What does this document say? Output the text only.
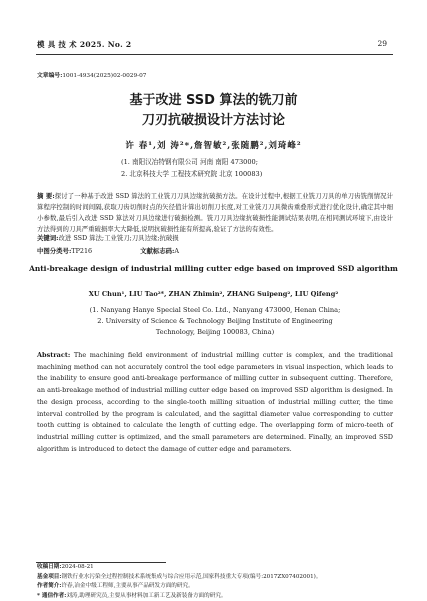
模 具 技 术 2025. No. 2	29
文章编号:1001-4934(2025)02-0029-07
基于改进 SSD 算法的铣刀前
刀刃抗破损设计方法讨论
许 春¹,刘 涛²*,詹智敏²,张随鹏²,刘琦峰²
(1. 南阳汉冶特钢有限公司 河南 南阳 473000;
2. 北京科技大学 工程技术研究院 北京 100083)
摘 要:探讨了一种基于改进 SSD 算法的工业铣刀刀具边缘抗破损方法。在设计过程中,根据工业铣刀刀具的单刀齿铣削情况计算程序控制的时间间隔,获取刀齿切削时点的矢径值计算出切削刀长度,对工业铣刀刀具微齿重叠形式进行优化设计,确定其中细小参数,最后引入改进 SSD 算法对刀具边缘进行破损检测。铣刀刀具边缘抗破损性能测试结果表明,在相同测试环境下,由设计方法得到的刀具严重破损率大大降低,说明抗破损性能有所提高,验证了方法的有效性。
关键词:改进 SSD 算法;工业铣刀;刀具边缘;抗破损
中图分类号:TP216	文献标志码:A
Anti-breakage design of industrial milling cutter edge based on improved SSD algorithm
XU Chun¹, LIU Tao²*, ZHAN Zhimin², ZHANG Suipeng², LIU Qifeng²
(1. Nanyang Hanye Special Steel Co. Ltd., Nanyang 473000, Henan China;
2. University of Science & Technology Beijing Institute of Engineering
Technology, Beijing 100083, China)
Abstract: The machining field environment of industrial milling cutter is complex, and the traditional machining method can not accurately control the tool edge parameters in visual inspection, which leads to the inability to ensure good anti-breakage performance of milling cutter in subsequent cutting. Therefore, an anti-breakage method of industrial milling cutter edge based on improved SSD algorithm is designed. In the design process, according to the single-tooth milling situation of industrial milling cutter, the time interval controlled by the program is calculated, and the sagittal diameter value corresponding to cutter tooth cutting is obtained to calculate the length of cutting edge. The overlapping form of micro-teeth of industrial milling cutter is optimized, and the small parameters are determined. Finally, an improved SSD algorithm is introduced to detect the damage of cutter edge and parameters.
收稿日期:2024-08-21
基金项目:钢铁行业水污染全过程控制技术系统集成与综合应用示范,国家科技重大专项(编号:2017ZX07402001)。
作者简介:许春,冶金中级工程师,主要从事产品研发方面的研究。
* 通信作者:刘涛,助理研究员,主要从事材料加工新工艺及新装备方面的研究。
